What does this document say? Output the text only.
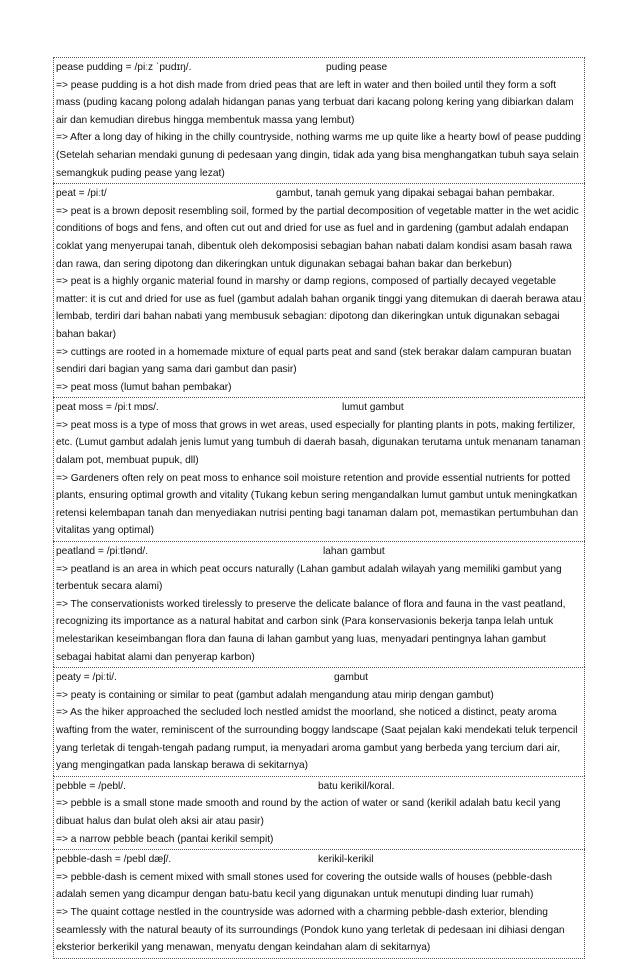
pease pudding = /piːz ˈpʊdɪŋ/.	puding pease
=> pease pudding is a hot dish made from dried peas that are left in water and then boiled until they form a soft mass (puding kacang polong adalah hidangan panas yang terbuat dari kacang polong kering yang dibiarkan dalam air dan kemudian direbus hingga membentuk massa yang lembut)
=> After a long day of hiking in the chilly countryside, nothing warms me up quite like a hearty bowl of pease pudding (Setelah seharian mendaki gunung di pedesaan yang dingin, tidak ada yang bisa menghangatkan tubuh saya selain semangkuk puding pease yang lezat)
peat = /piːt/	gambut, tanah gemuk yang dipakai sebagai bahan pembakar.
=> peat is a brown deposit resembling soil, formed by the partial decomposition of vegetable matter in the wet acidic conditions of bogs and fens, and often cut out and dried for use as fuel and in gardening (gambut adalah endapan coklat yang menyerupai tanah, dibentuk oleh dekomposisi sebagian bahan nabati dalam kondisi asam basah rawa dan rawa, dan sering dipotong dan dikeringkan untuk digunakan sebagai bahan bakar dan berkebun)
=> peat is a highly organic material found in marshy or damp regions, composed of partially decayed vegetable matter: it is cut and dried for use as fuel (gambut adalah bahan organik tinggi yang ditemukan di daerah berawa atau lembab, terdiri dari bahan nabati yang membusuk sebagian: dipotong dan dikeringkan untuk digunakan sebagai bahan bakar)
=> cuttings are rooted in a homemade mixture of equal parts peat and sand (stek berakar dalam campuran buatan sendiri dari bagian yang sama dari gambut dan pasir)
=> peat moss (lumut bahan pembakar)
peat moss = /piːt mɒs/.	lumut gambut
=> peat moss is a type of moss that grows in wet areas, used especially for planting plants in pots, making fertilizer, etc. (Lumut gambut adalah jenis lumut yang tumbuh di daerah basah, digunakan terutama untuk menanam tanaman dalam pot, membuat pupuk, dll)
=> Gardeners often rely on peat moss to enhance soil moisture retention and provide essential nutrients for potted plants, ensuring optimal growth and vitality (Tukang kebun sering mengandalkan lumut gambut untuk meningkatkan retensi kelembapan tanah dan menyediakan nutrisi penting bagi tanaman dalam pot, memastikan pertumbuhan dan vitalitas yang optimal)
peatland = /piːtlənd/.	lahan gambut
=> peatland is an area in which peat occurs naturally (Lahan gambut adalah wilayah yang memiliki gambut yang terbentuk secara alami)
=> The conservationists worked tirelessly to preserve the delicate balance of flora and fauna in the vast peatland, recognizing its importance as a natural habitat and carbon sink (Para konservasionis bekerja tanpa lelah untuk melestarikan keseimbangan flora dan fauna di lahan gambut yang luas, menyadari pentingnya lahan gambut sebagai habitat alami dan penyerap karbon)
peaty = /piːti/.	gambut
=> peaty is containing or similar to peat (gambut adalah mengandung atau mirip dengan gambut)
=> As the hiker approached the secluded loch nestled amidst the moorland, she noticed a distinct, peaty aroma wafting from the water, reminiscent of the surrounding boggy landscape (Saat pejalan kaki mendekati teluk terpencil yang terletak di tengah-tengah padang rumput, ia menyadari aroma gambut yang berbeda yang tercium dari air, yang mengingatkan pada lanskap berawa di sekitarnya)
pebble = /pebl/.	batu kerikil/koral.
=> pebble is a small stone made smooth and round by the action of water or sand (kerikil adalah batu kecil yang dibuat halus dan bulat oleh aksi air atau pasir)
=> a narrow pebble beach (pantai kerikil sempit)
pebble-dash = /pebl dæʃ/.	kerikil-kerikil
=> pebble-dash is cement mixed with small stones used for covering the outside walls of houses (pebble-dash adalah semen yang dicampur dengan batu-batu kecil yang digunakan untuk menutupi dinding luar rumah)
=> The quaint cottage nestled in the countryside was adorned with a charming pebble-dash exterior, blending seamlessly with the natural beauty of its surroundings (Pondok kuno yang terletak di pedesaan ini dihiasi dengan eksterior berkerikil yang menawan, menyatu dengan keindahan alam di sekitarnya)
